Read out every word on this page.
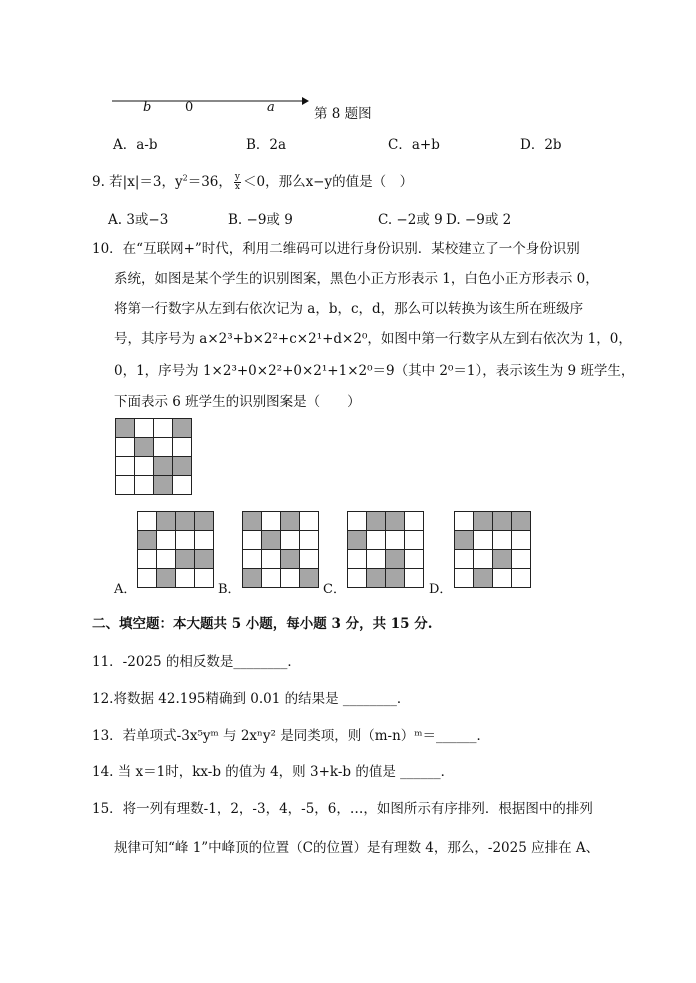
b	0	a	第 8 题图
A．a-b	B．2a	C．a+b	D．2b
9. 若|x|＝3，$y^2=36$， $\frac{y}{x} <0$，那么x−y的值是（　）
A. 3或−3	B. −9或 9	C. −2或 9 D. −9或 2
10．在“互联网+”时代，利用二维码可以进行身份识别．某校建立了一个身份识别
系统，如图是某个学生的识别图案，黑色小正方形表示 1，白色小正方形表示 0，
将第一行数字从左到右依次记为 a，b，c，d，那么可以转换为该生所在班级序
号，其序号为 a×2³+b×2²+c×2¹+d×2⁰，如图中第一行数字从左到右依次为 1，0，
0，1，序号为 1×2³+0×2²+0×2¹+1×2⁰＝9（其中 2⁰＝1），表示该生为 9 班学生，
下面表示 6 班学生的识别图案是（　　）
A．	B．	C．	D．
二、填空题：本大题共 5 小题，每小题 3 分，共 15 分.
11．-2025 的相反数是________．
12.将数据 42.195精确到 0.01 的结果是 ________．
13．若单项式-3x⁵yᵐ 与 2xⁿy² 是同类项，则（m-n）ᵐ＝______．
14. 当 x＝1时，kx-b 的值为 4，则 3+k-b 的值是 ______．
15．将一列有理数-1，2，-3，4，-5，6，…，如图所示有序排列．根据图中的排列
规律可知“峰 1”中峰顶的位置（C的位置）是有理数 4，那么，-2025 应排在 A、
